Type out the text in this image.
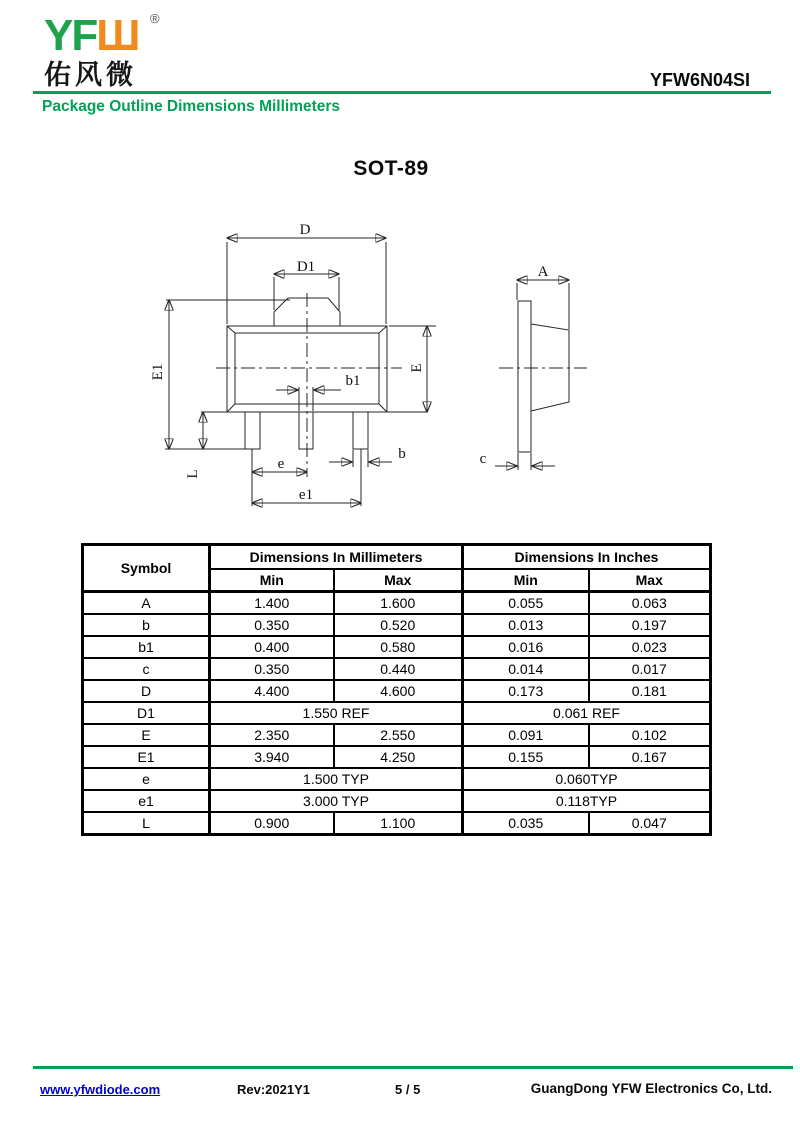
YFШ ®
佑风微	YFW6N04SI
Package Outline Dimensions Millimeters
SOT-89
D
D1
E1
L
E
b1
b
e
e1
A
c
Symbol	Dimensions In Millimeters		Dimensions In Inches	
	Min	Max	Min	Max
A	1.400	1.600	0.055	0.063
b	0.350	0.520	0.013	0.197
b1	0.400	0.580	0.016	0.023
c	0.350	0.440	0.014	0.017
D	4.400	4.600	0.173	0.181
D1	1.550 REF		0.061 REF	
E	2.350	2.550	0.091	0.102
E1	3.940	4.250	0.155	0.167
e	1.500 TYP		0.060TYP	
e1	3.000 TYP		0.118TYP	
L	0.900	1.100	0.035	0.047
www.yfwdiode.com	Rev:2021Y1	5 / 5	GuangDong YFW Electronics Co, Ltd.
